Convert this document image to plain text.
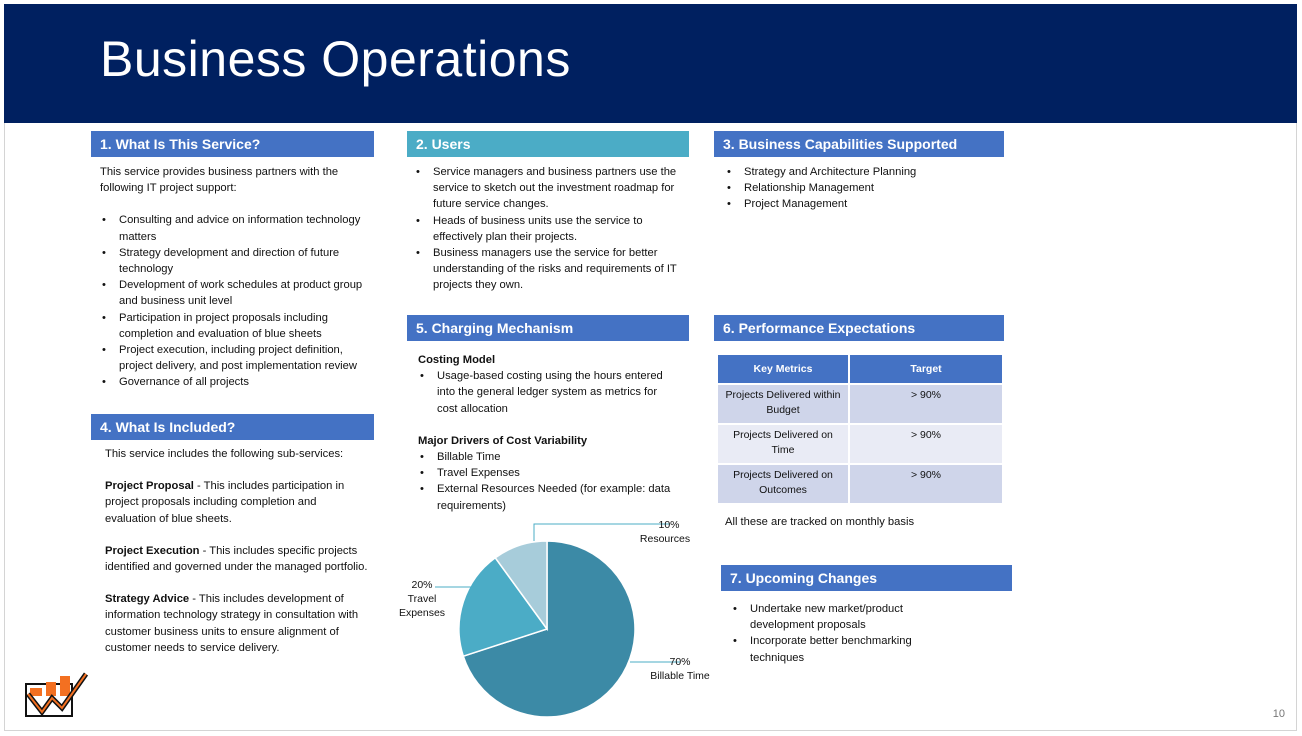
Business Operations
1. What Is This Service?

This service provides business partners with the following IT project support:

• Consulting and advice on information technology matters
• Strategy development and direction of future technology
• Development of work schedules at product group and business unit level
• Participation in project proposals including completion and evaluation of blue sheets
• Project execution, including project definition, project delivery, and post implementation review
• Governance of all projects
2. Users
• Service managers and business partners use the service to sketch out the investment roadmap for future service changes.
• Heads of business units use the service to effectively plan their projects.
• Business managers use the service for better understanding of the risks and requirements of IT projects they own.
3. Business Capabilities Supported
• Strategy and Architecture Planning
• Relationship Management
• Project Management
4. What Is Included?

This service includes the following sub-services:

Project Proposal - This includes participation in project proposals including completion and evaluation of blue sheets.

Project Execution - This includes specific projects identified and governed under the managed portfolio.

Strategy Advice - This includes development of information technology strategy in consultation with customer business units to ensure alignment of customer needs to service delivery.

5. Charging Mechanism

Costing Model

• Usage-based costing using the hours entered into the general ledger system as metrics for cost allocation

Major Drivers of Cost Variability

• Billable Time
• Travel Expenses
• External Resources Needed (for example: data requirements)
10%
Resources
20%
Travel Expenses
70%
Billable Time
6. Performance Expectations
Key Metrics	Target
Projects Delivered within Budget	> 90%
Projects Delivered on Time	> 90%
Projects Delivered on Outcomes	> 90%
All these are tracked on monthly basis
7. Upcoming Changes
• Undertake new market/product development proposals
• Incorporate better benchmarking techniques
10
